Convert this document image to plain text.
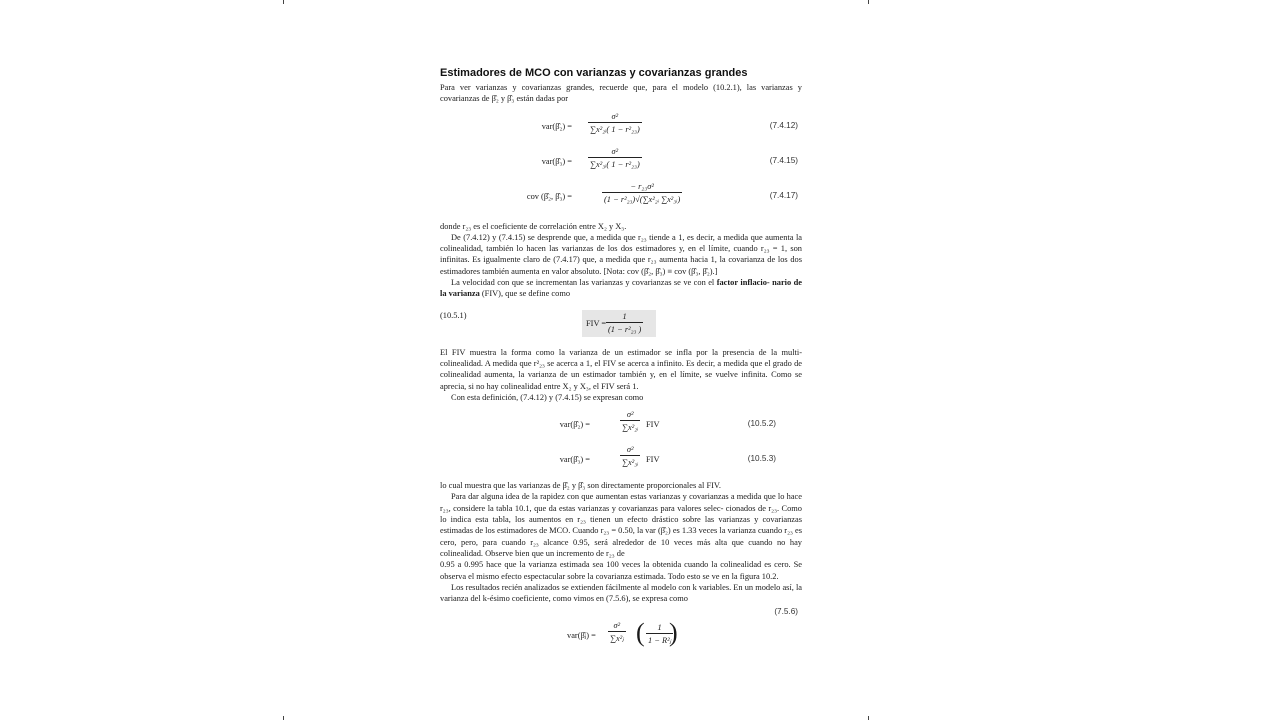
Estimadores de MCO con varianzas y covarianzas grandes

Para ver varianzas y covarianzas grandes, recuerde que, para el modelo (10.2.1), las varianzas y covarianzas de β̂₂ y β̂₃ están dadas por

var(β̂₂) = $\frac{\text{σ²}}{\text{∑x²₂ᵢ( 1 − r²₂₃)}}$	(7.4.12)
var(β̂₃) = $\frac{\text{σ²}}{\text{∑x²₃ᵢ( 1 − r²₂₃)}}$	(7.4.15)
cov (β̂₂, β̂₃) =	$\frac{\text{− r₂₃σ²}}{\text{(1 − r²₂₃)√(∑x²₂ᵢ ∑x²₃ᵢ)}}$	(7.4.17)

donde r₂₃ es el coeficiente de correlación entre X₂ y X₃.

De (7.4.12) y (7.4.15) se desprende que, a medida que r₂₃ tiende a 1, es decir, a medida que aumenta la colinealidad, también lo hacen las varianzas de los dos estimadores y, en el límite, cuando r₂₃ = 1, son infinitas. Es igualmente claro de (7.4.17) que, a medida que r₂₃ aumenta hacia 1, la covarianza de los dos estimadores también aumenta en valor absoluto. [Nota: cov (β̂₂, β̂₃) ≡ cov (β̂₃, β̂₂).]

La velocidad con que se incrementan las varianzas y covarianzas se ve con el factor inflacio- nario de la varianza (FIV), que se define como

FIV = $\frac{1}{\text{(1 − r²₂₃ )}}$
(10.5.1)

El FIV muestra la forma como la varianza de un estimador se infla por la presencia de la multi- colinealidad. A medida que r²₂₃ se acerca a 1, el FIV se acerca a infinito. Es decir, a medida que el grado de colinealidad aumenta, la varianza de un estimador también y, en el límite, se vuelve infinita. Como se aprecia, si no hay colinealidad entre X₂ y X₃, el FIV será 1.

Con esta definición, (7.4.12) y (7.4.15) se expresan como

var(β̂₂) =	$\frac{\text{σ²}}{\text{∑x²₂ᵢ}}$ FIV	(10.5.2)
var(β̂₃) =	$\frac{\text{σ²}}{\text{∑x²₃ᵢ}}$ FIV	(10.5.3)

lo cual muestra que las varianzas de β̂₂ y β̂₃ son directamente proporcionales al FIV.

Para dar alguna idea de la rapidez con que aumentan estas varianzas y covarianzas a medida que lo hace r₂₃, considere la tabla 10.1, que da estas varianzas y covarianzas para valores selec- cionados de r₂₃. Como lo indica esta tabla, los aumentos en r₂₃ tienen un efecto drástico sobre las varianzas y covarianzas estimadas de los estimadores de MCO. Cuando r₂₃ = 0.50, la var (β̂₂) es 1.33 veces la varianza cuando r₂₃ es cero, pero, para cuando r₂₃ alcance 0.95, será alrededor de 10 veces más alta que cuando no hay colinealidad. Observe bien que un incremento de r₂₃ de

0.95 a 0.995 hace que la varianza estimada sea 100 veces la obtenida cuando la colinealidad es cero. Se observa el mismo efecto espectacular sobre la covarianza estimada. Todo esto se ve en la figura 10.2.

Los resultados recién analizados se extienden fácilmente al modelo con k variables. En un modelo así, la varianza del k-ésimo coeficiente, como vimos en (7.5.6), se expresa como

(7.5.6)
var(β̂ⱼ) = $\frac{\text{σ²}}{\text{∑x²ⱼ}}$ ( $\frac{1}{\text{1 − R²ⱼ}}$
)
